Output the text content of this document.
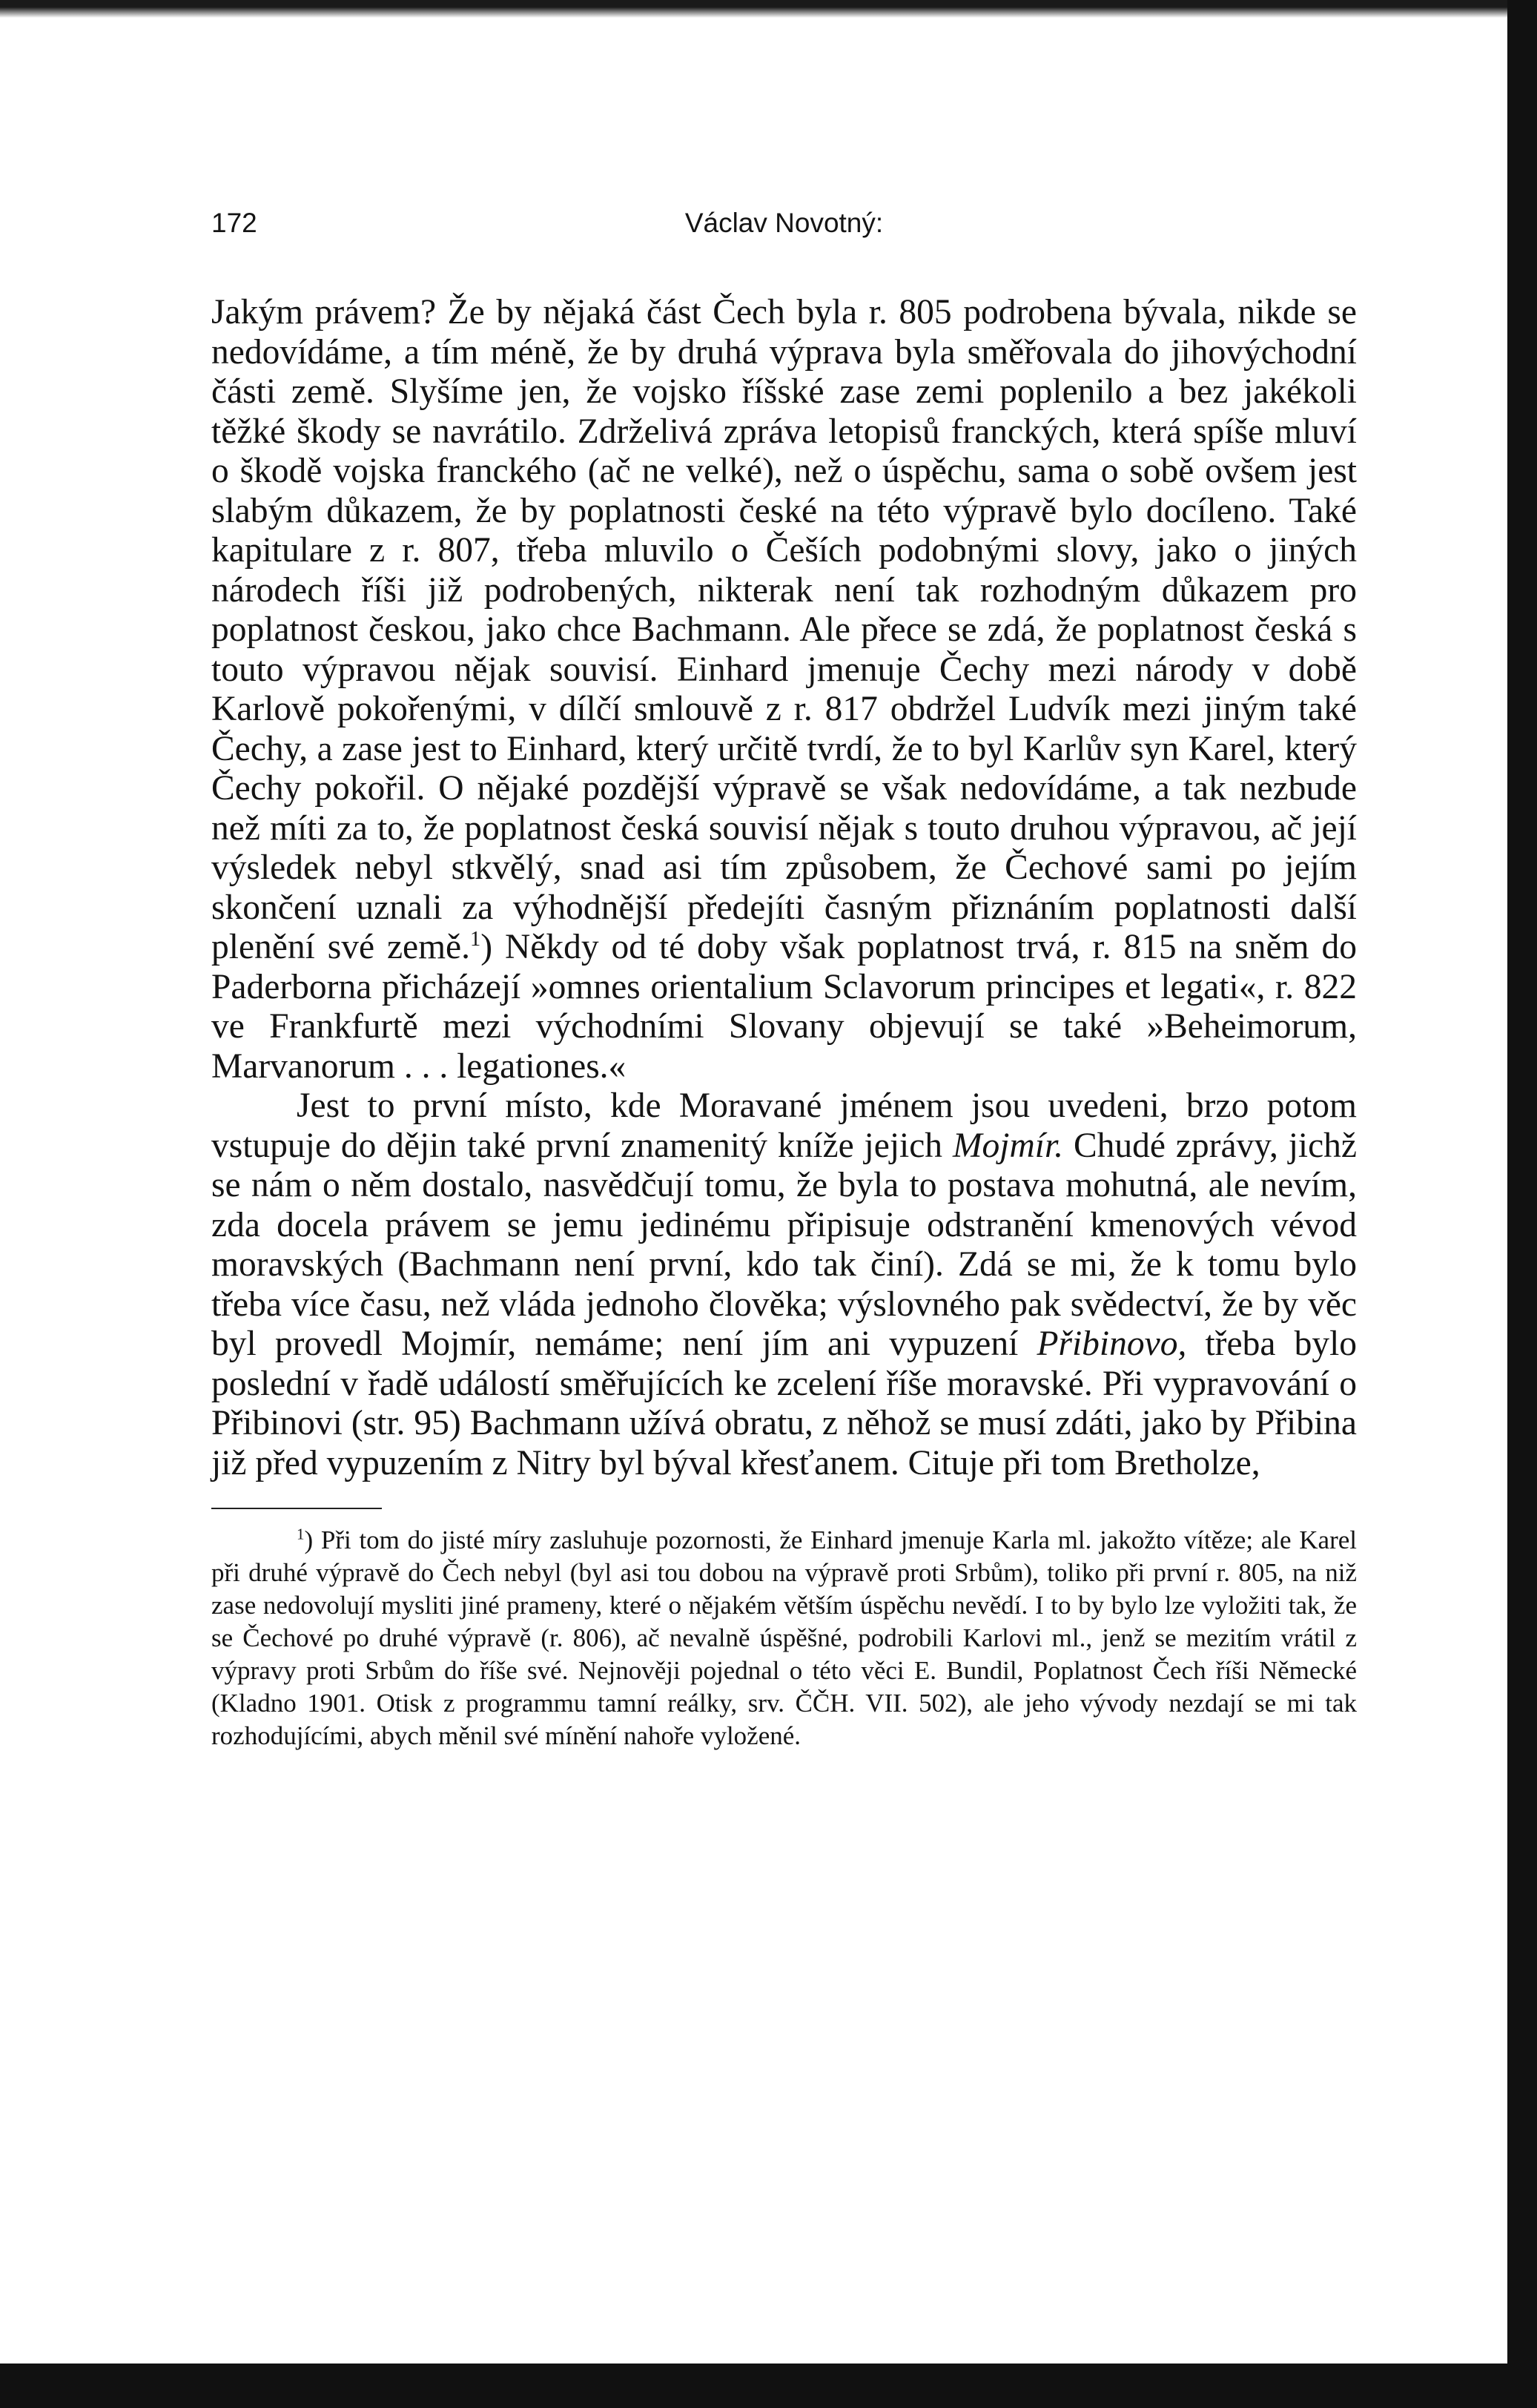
172	Václav Novotný:

Jakým právem? Že by nějaká část Čech byla r. 805 podrobena bývala, nikde se nedovídáme, a tím méně, že by druhá výprava byla směřovala do jihovýchodní části země. Slyšíme jen, že vojsko říšské zase zemi poplenilo a bez jakékoli těžké škody se navrátilo. Zdrželivá zpráva letopisů franckých, která spíše mluví o škodě vojska franckého (ač ne velké), než o úspěchu, sama o sobě ovšem jest slabým důkazem, že by poplatnosti české na této výpravě bylo docíleno. Také kapitulare z r. 807, třeba mluvilo o Češích podobnými slovy, jako o jiných národech říši již podrobených, nikterak není tak rozhodným důkazem pro poplatnost českou, jako chce Bachmann. Ale přece se zdá, že poplatnost česká s touto výpravou nějak souvisí. Einhard jmenuje Čechy mezi národy v době Karlově pokořenými, v dílčí smlouvě z r. 817 obdržel Ludvík mezi jiným také Čechy, a zase jest to Einhard, který určitě tvrdí, že to byl Karlův syn Karel, který Čechy pokořil. O nějaké pozdější výpravě se však nedovídáme, a tak nezbude než míti za to, že poplatnost česká souvisí nějak s touto druhou výpravou, ač její výsledek nebyl stkvělý, snad asi tím způsobem, že Čechové sami po jejím skončení uznali za výhodnější předejíti časným přiznáním poplatnosti další plenění své země.$^1$) Někdy od té doby však poplatnost trvá, r. 815 na sněm do Paderborna přicházejí »omnes orientalium Sclavorum principes et legati«, r. 822 ve Frankfurtě mezi východními Slovany objevují se také »Beheimorum, Marvanorum . . . legationes.«

Jest to první místo, kde Moravané jménem jsou uvedeni, brzo potom vstupuje do dějin také první znamenitý kníže jejich Mojmír. Chudé zprávy, jichž se nám o něm dostalo, nasvědčují tomu, že byla to postava mohutná, ale nevím, zda docela právem se jemu jedinému připisuje odstranění kmenových vévod moravských (Bachmann není první, kdo tak činí). Zdá se mi, že k tomu bylo třeba více času, než vláda jednoho člověka; výslovného pak svědectví, že by věc byl provedl Mojmír, nemáme; není jím ani vypuzení Přibinovo, třeba bylo poslední v řadě událostí směřujících ke zcelení říše moravské. Při vypravování o Přibinovi (str. 95) Bachmann užívá obratu, z něhož se musí zdáti, jako by Přibina již před vypuzením z Nitry byl býval křesťanem. Cituje při tom Bretholze,

$^1$) Při tom do jisté míry zasluhuje pozornosti, že Einhard jmenuje Karla ml. jakožto vítěze; ale Karel při druhé výpravě do Čech nebyl (byl asi tou dobou na výpravě proti Srbům), toliko při první r. 805, na niž zase nedovolují mysliti jiné prameny, které o nějakém větším úspěchu nevědí. I to by bylo lze vyložiti tak, že se Čechové po druhé výpravě (r. 806), ač nevalně úspěšné, podrobili Karlovi ml., jenž se mezitím vrátil z výpravy proti Srbům do říše své. Nejnověji pojednal o této věci E. Bundil, Poplatnost Čech říši Německé (Kladno 1901. Otisk z programmu tamní reálky, srv. ČČH. VII. 502), ale jeho vývody nezdají se mi tak rozhodujícími, abych měnil své mínění nahoře vyložené.
